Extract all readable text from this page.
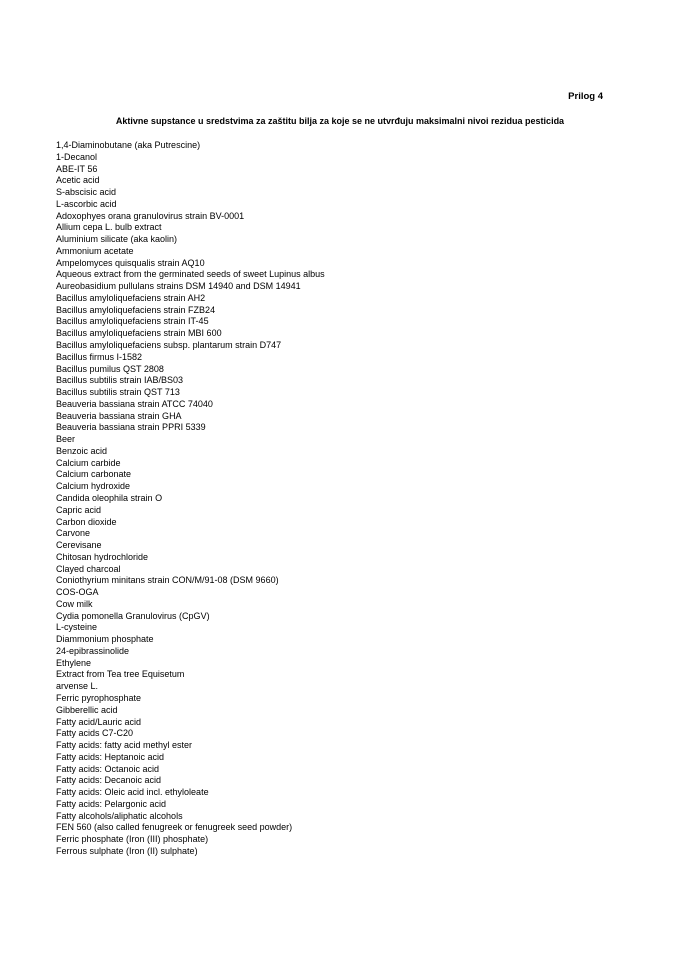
Prilog 4

Aktivne supstance u sredstvima za zaštitu bilja za koje se ne utvrđuju maksimalni nivoi rezidua pesticida

1,4-Diaminobutane (aka Putrescine)
1-Decanol
ABE-IT 56
Acetic acid
S-abscisic acid
L-ascorbic acid
Adoxophyes orana granulovirus strain BV-0001
Allium cepa L. bulb extract
Aluminium silicate (aka kaolin)
Ammonium acetate
Ampelomyces quisqualis strain AQ10
Aqueous extract from the germinated seeds of sweet Lupinus albus
Aureobasidium pullulans strains DSM 14940 and DSM 14941
Bacillus amyloliquefaciens strain AH2
Bacillus amyloliquefaciens strain FZB24
Bacillus amyloliquefaciens strain IT-45
Bacillus amyloliquefaciens strain MBI 600
Bacillus amyloliquefaciens subsp. plantarum strain D747
Bacillus firmus I-1582
Bacillus pumilus QST 2808
Bacillus subtilis strain IAB/BS03
Bacillus subtilis strain QST 713
Beauveria bassiana strain ATCC 74040
Beauveria bassiana strain GHA
Beauveria bassiana strain PPRI 5339
Beer
Benzoic acid
Calcium carbide
Calcium carbonate
Calcium hydroxide
Candida oleophila strain O
Capric acid
Carbon dioxide
Carvone
Cerevisane
Chitosan hydrochloride
Clayed charcoal
Coniothyrium minitans strain CON/M/91-08 (DSM 9660)
COS-OGA
Cow milk
Cydia pomonella Granulovirus (CpGV)
L-cysteine
Diammonium phosphate
24-epibrassinolide
Ethylene
Extract from Tea tree Equisetum
arvense L.
Ferric pyrophosphate
Gibberellic acid
Fatty acid/Lauric acid
Fatty acids C7-C20
Fatty acids: fatty acid methyl ester
Fatty acids: Heptanoic acid
Fatty acids: Octanoic acid
Fatty acids: Decanoic acid
Fatty acids: Oleic acid incl. ethyloleate
Fatty acids: Pelargonic acid
Fatty alcohols/aliphatic alcohols
FEN 560 (also called fenugreek or fenugreek seed powder)
Ferric phosphate (Iron (III) phosphate)
Ferrous sulphate (Iron (II) sulphate)
